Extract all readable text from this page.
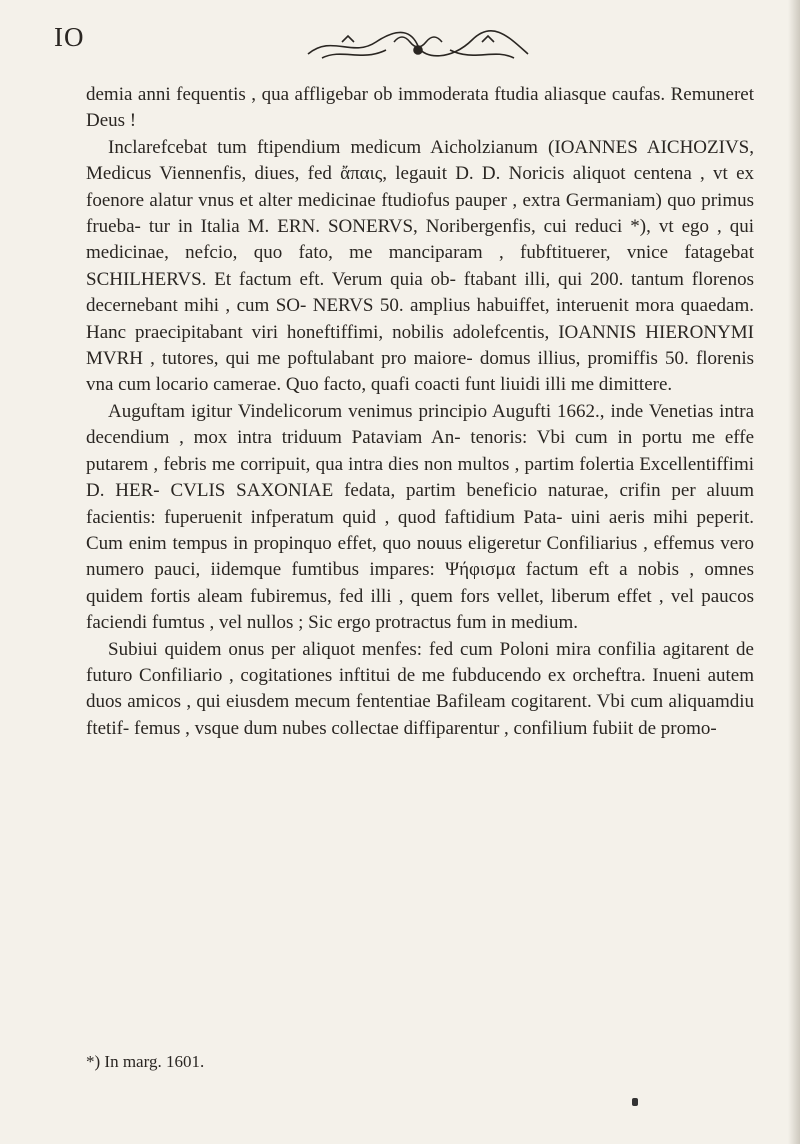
IO

demia anni fequentis , qua affligebar ob immoderata ftudia aliasque caufas. Remuneret Deus !

Inclarefcebat tum ftipendium medicum Aicholzianum (IOANNES AICHOZIVS, Medicus Viennenfis, diues, fed ἄπαις, legauit D. D. Noricis aliquot centena , vt ex foenore alatur vnus et alter medicinae ftudiofus pauper , extra Germaniam) quo primus frueba- tur in Italia M. ERN. SONERVS, Noribergenfis, cui reduci *), vt ego , qui medicinae, nefcio, quo fato, me manciparam , fubftituerer, vnice fatagebat SCHILHERVS. Et factum eft. Verum quia ob- ftabant illi, qui 200. tantum florenos decernebant mihi , cum SO- NERVS 50. amplius habuiffet, interuenit mora quaedam. Hanc praecipitabant viri honeftiffimi, nobilis adolefcentis, IOANNIS HIERONYMI MVRH , tutores, qui me poftulabant pro maiore- domus illius, promiffis 50. florenis vna cum locario camerae. Quo facto, quafi coacti funt liuidi illi me dimittere.

Auguftam igitur Vindelicorum venimus principio Augufti 1662., inde Venetias intra decendium , mox intra triduum Pataviam An- tenoris: Vbi cum in portu me effe putarem , febris me corripuit, qua intra dies non multos , partim folertia Excellentiffimi D. HER- CVLIS SAXONIAE fedata, partim beneficio naturae, crifin per aluum facientis: fuperuenit infperatum quid , quod faftidium Pata- uini aeris mihi peperit. Cum enim tempus in propinquo effet, quo nouus eligeretur Confiliarius , effemus vero numero pauci, iidemque fumtibus impares: Ψήφισμα factum eft a nobis , omnes quidem fortis aleam fubiremus, fed illi , quem fors vellet, liberum effet , vel paucos faciendi fumtus , vel nullos ; Sic ergo protractus fum in medium.

Subiui quidem onus per aliquot menfes: fed cum Poloni mira confilia agitarent de futuro Confiliario , cogitationes inftitui de me fubducendo ex orcheftra. Inueni autem duos amicos , qui eiusdem mecum fententiae Bafileam cogitarent. Vbi cum aliquamdiu ftetif- femus , vsque dum nubes collectae diffiparentur , confilium fubiit de promo-

*) In marg. 1601.
